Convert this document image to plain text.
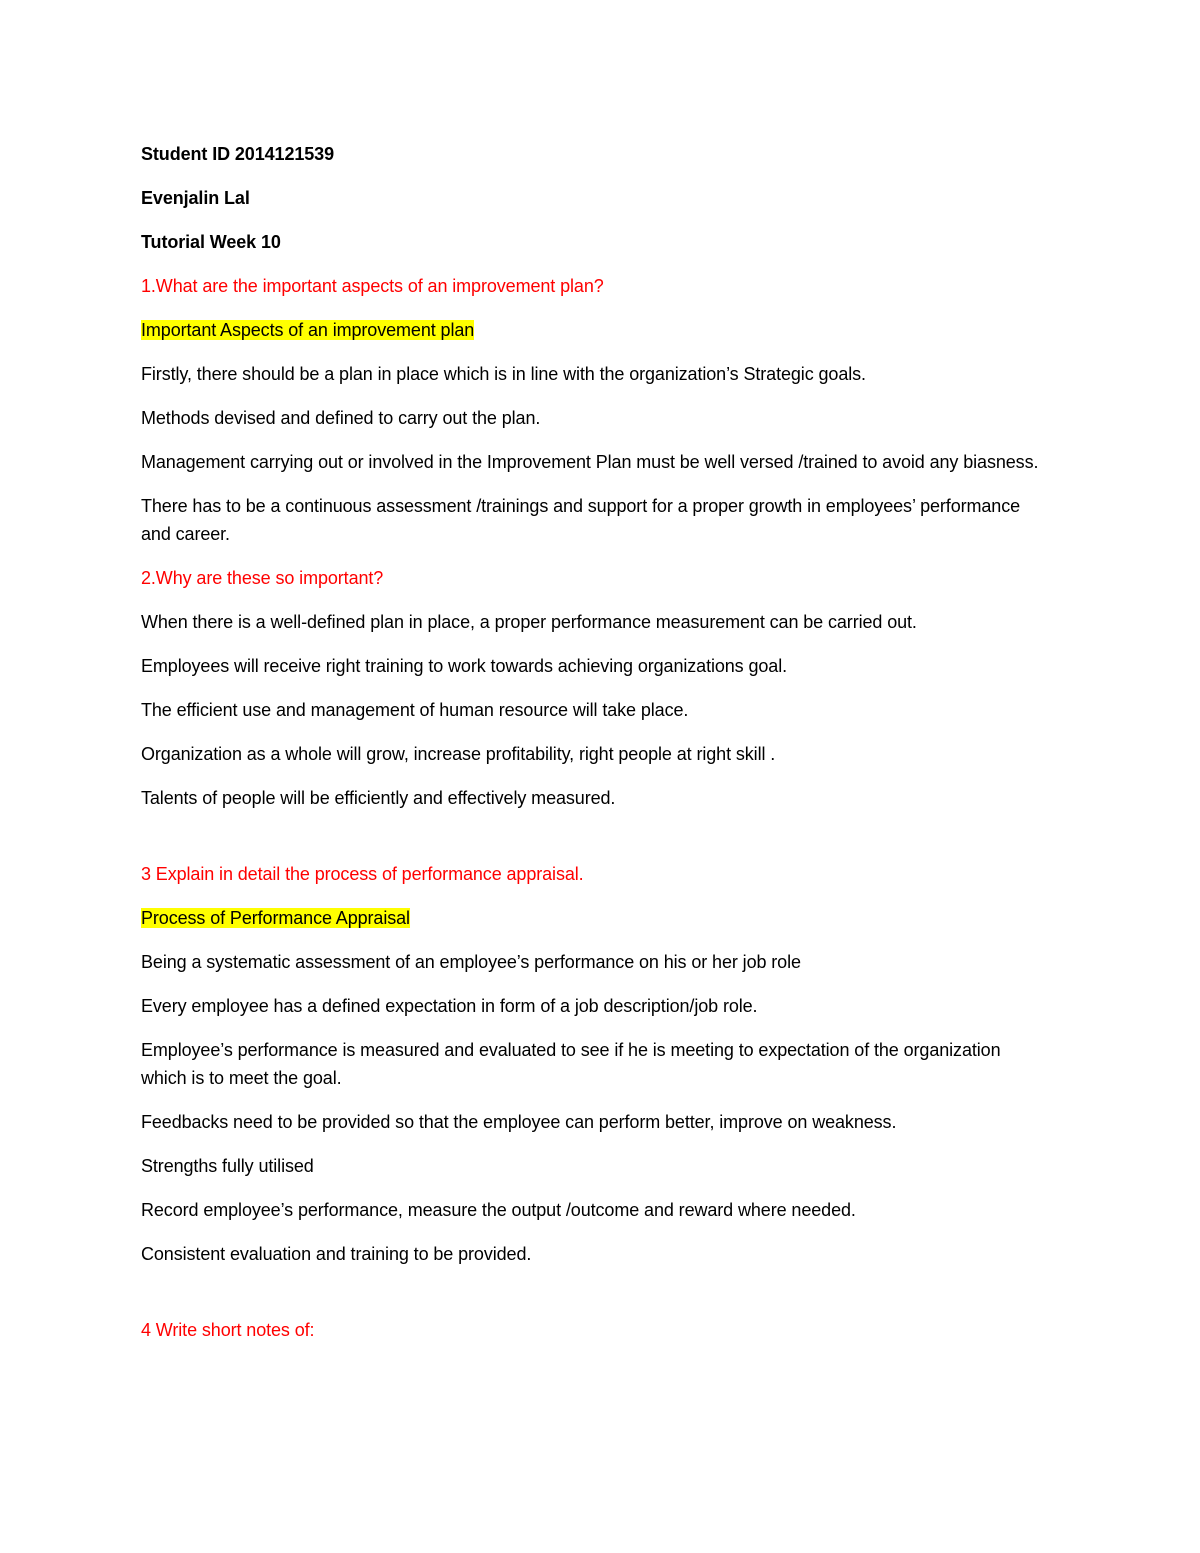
Student ID 2014121539

Evenjalin Lal

Tutorial Week 10

1.What are the important aspects of an improvement plan?

Important Aspects of an improvement plan

Firstly, there should be a plan in place which is in line with the organization’s Strategic goals.

Methods devised and defined to carry out the plan.

Management carrying out or involved in the Improvement Plan must be well versed /trained to avoid any biasness.

There has to be a continuous assessment /trainings and support for a proper growth in employees’ performance and career.

2.Why are these so important?

When there is a well-defined plan in place, a proper performance measurement can be carried out.

Employees will receive right training to work towards achieving organizations goal.

The efficient use and management of human resource will take place.

Organization as a whole will grow, increase profitability, right people at right skill .

Talents of people will be efficiently and effectively measured.

3 Explain in detail the process of performance appraisal.

Process of Performance Appraisal

Being a systematic assessment of an employee’s performance on his or her job role

Every employee has a defined expectation in form of a job description/job role.

Employee’s performance is measured and evaluated to see if he is meeting to expectation of the organization which is to meet the goal.

Feedbacks need to be provided so that the employee can perform better, improve on weakness.

Strengths fully utilised

Record employee’s performance, measure the output /outcome and reward where needed.

Consistent evaluation and training to be provided.

4 Write short notes of:
